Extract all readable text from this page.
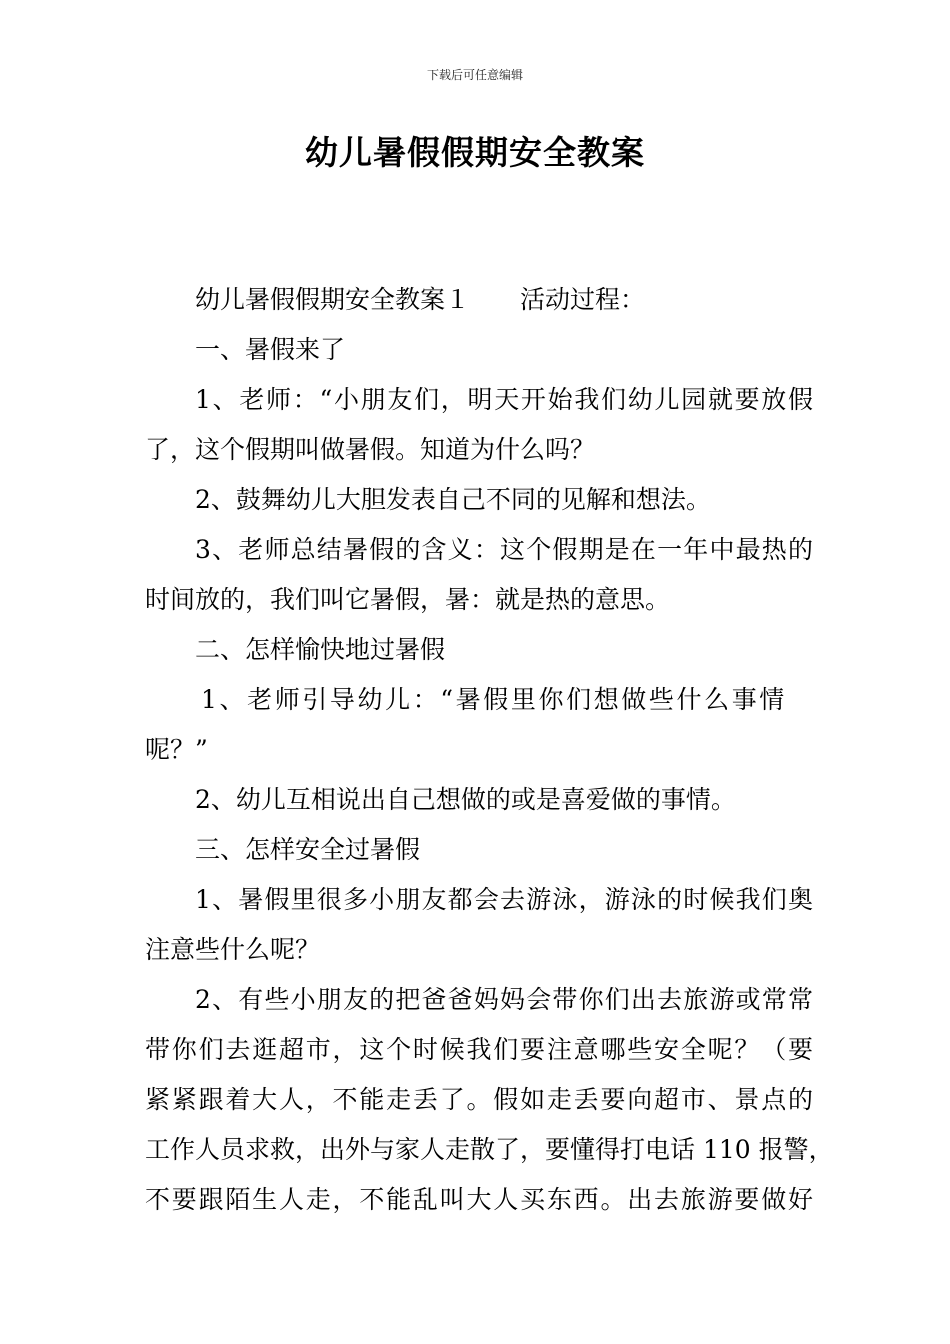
下载后可任意编辑
幼儿暑假假期安全教案
幼儿暑假假期安全教案１ 活动过程：
一、暑假来了
1、老师：“小朋友们，明天开始我们幼儿园就要放假
了，这个假期叫做暑假。知道为什么吗？
2、鼓舞幼儿大胆发表自己不同的见解和想法。
3、老师总结暑假的含义：这个假期是在一年中最热的
时间放的，我们叫它暑假，暑：就是热的意思。
二、怎样愉快地过暑假
1、老师引导幼儿：“暑假里你们想做些什么事情
呢？”
2、幼儿互相说出自己想做的或是喜爱做的事情。
三、怎样安全过暑假
1、暑假里很多小朋友都会去游泳，游泳的时候我们奥
注意些什么呢？
2、有些小朋友的把爸爸妈妈会带你们出去旅游或常常
带你们去逛超市，这个时候我们要注意哪些安全呢？（要
紧紧跟着大人，不能走丢了。假如走丢要向超市、景点的
工作人员求救，出外与家人走散了，要懂得打电话 110 报警，
不要跟陌生人走，不能乱叫大人买东西。出去旅游要做好
